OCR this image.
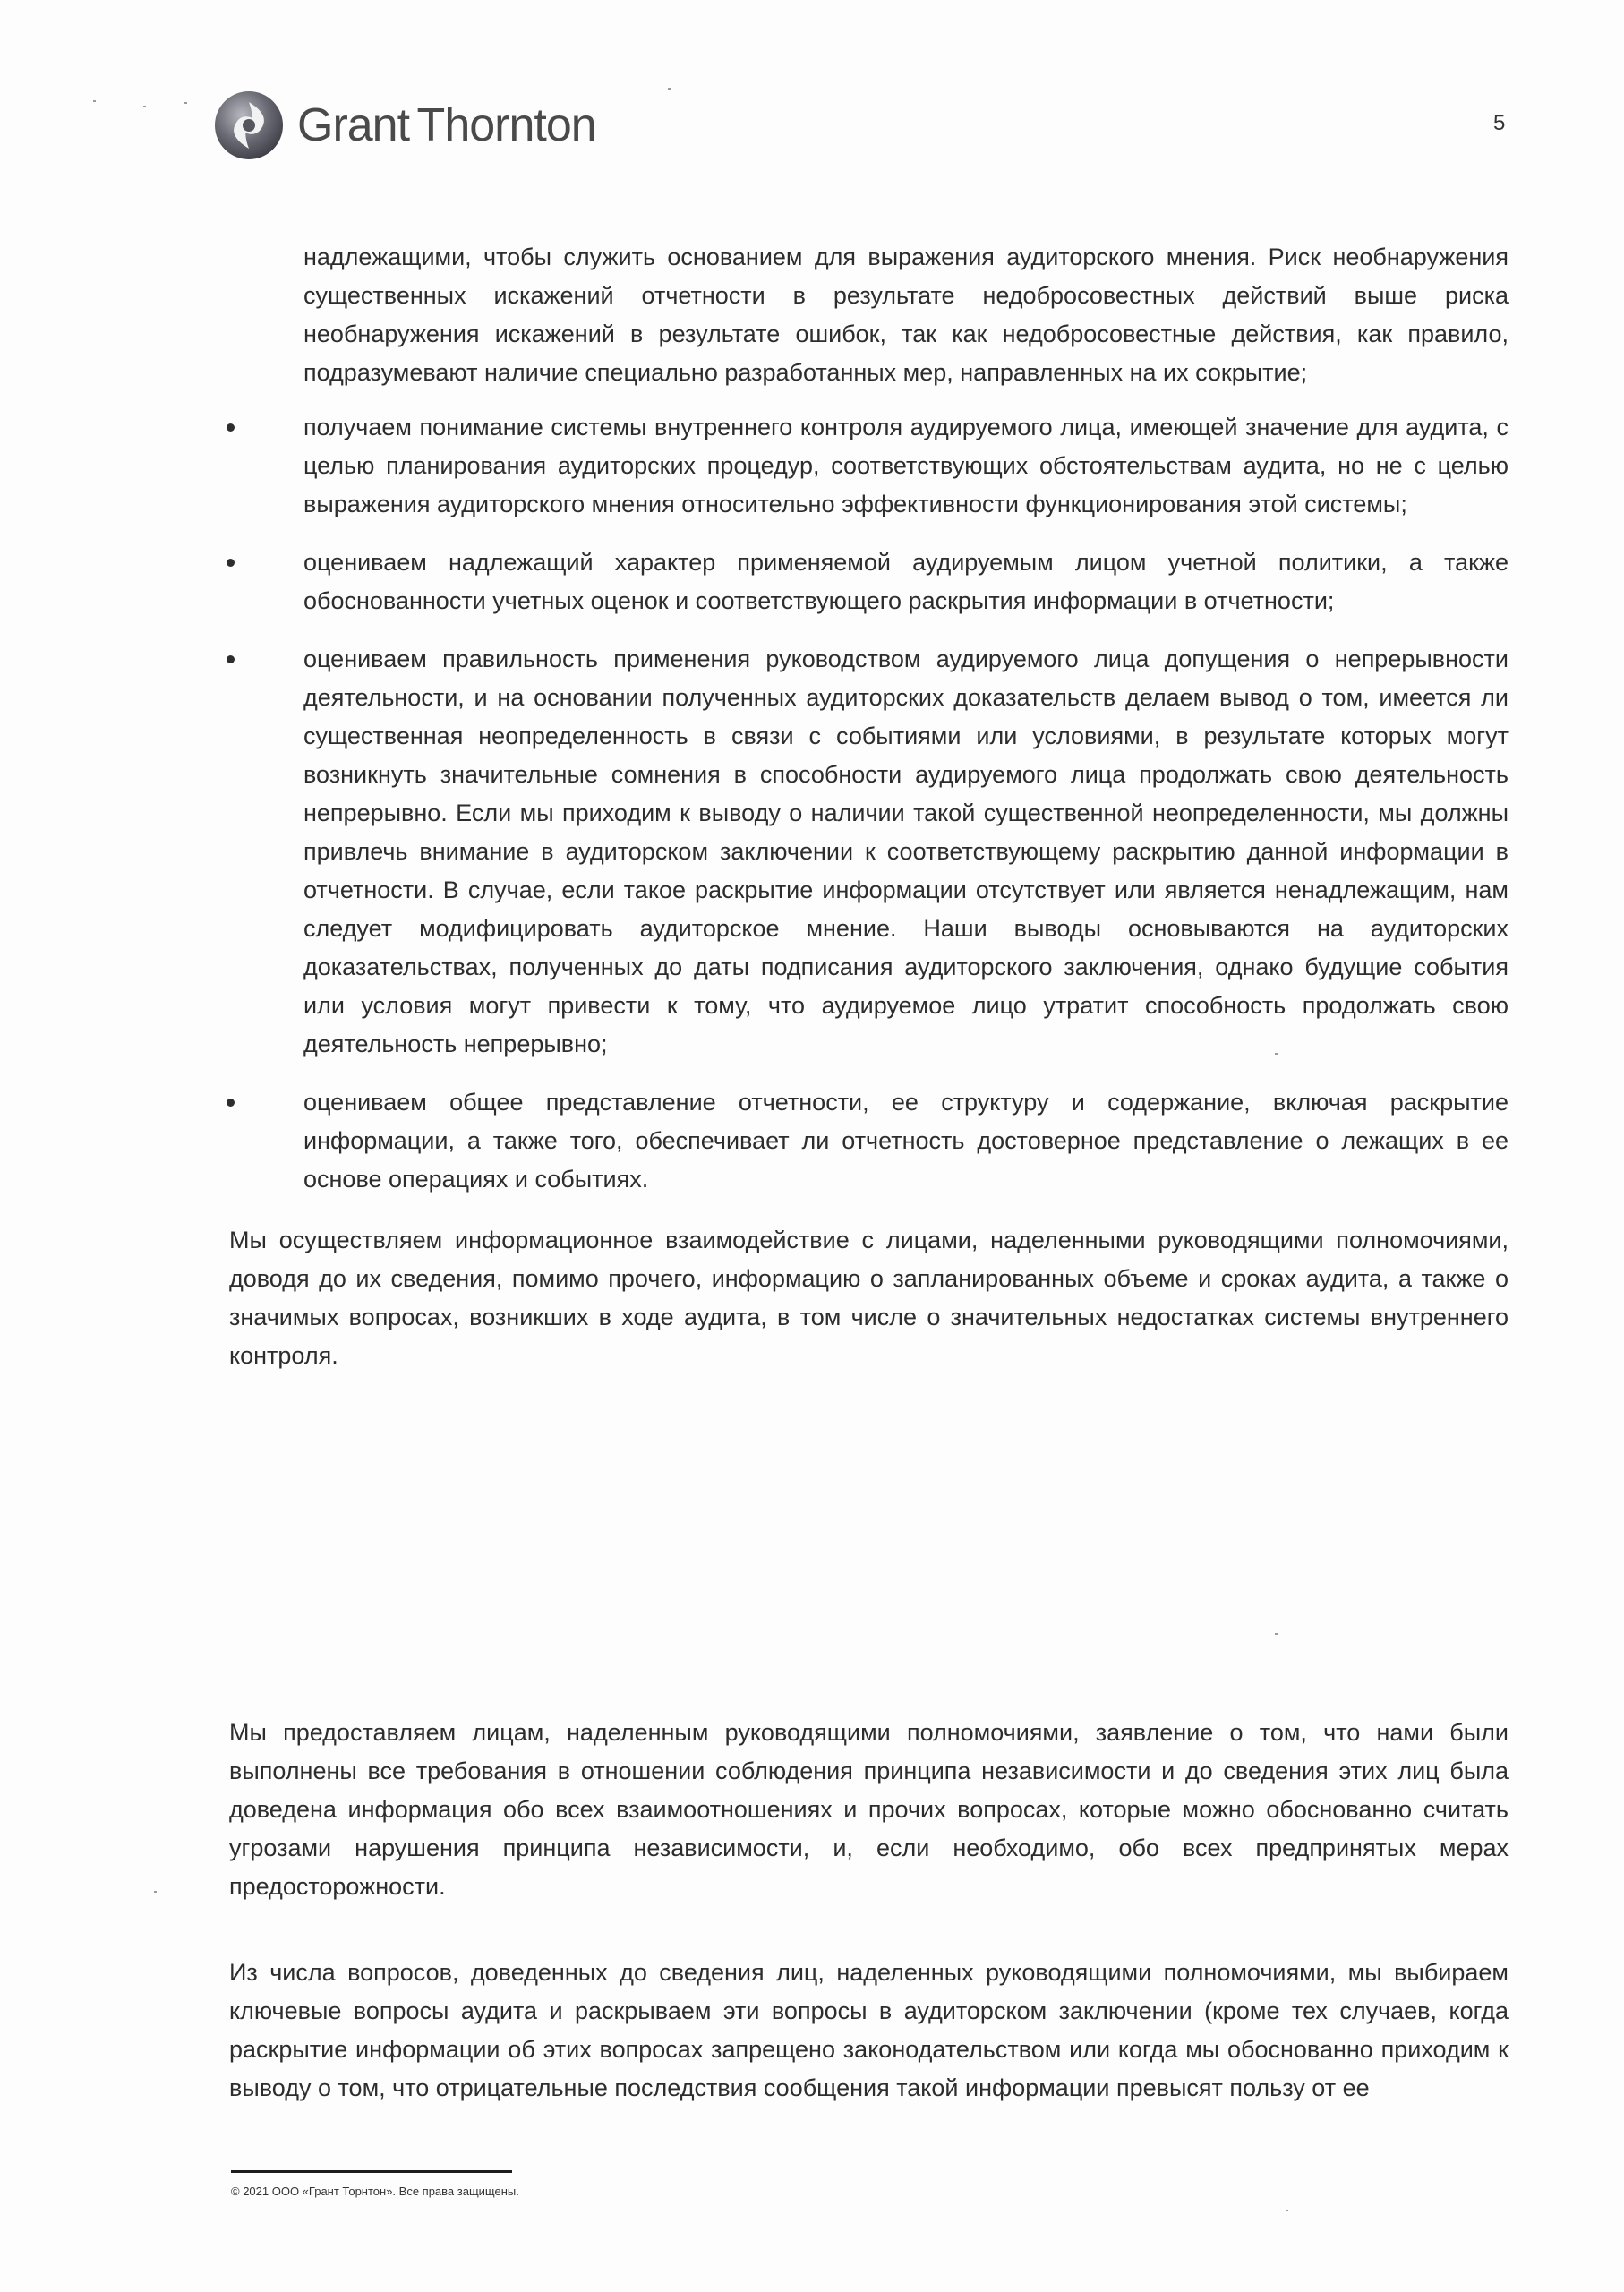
Grant Thornton	5
надлежащими, чтобы служить основанием для выражения аудиторского мнения. Риск необнаружения существенных искажений отчетности в результате недобросовестных действий выше риска необнаружения искажений в результате ошибок, так как недобросовестные действия, как правило, подразумевают наличие специально разработанных мер, направленных на их сокрытие;
получаем понимание системы внутреннего контроля аудируемого лица, имеющей значение для аудита, с целью планирования аудиторских процедур, соответствующих обстоятельствам аудита, но не с целью выражения аудиторского мнения относительно эффективности функционирования этой системы;
оцениваем надлежащий характер применяемой аудируемым лицом учетной политики, а также обоснованности учетных оценок и соответствующего раскрытия информации в отчетности;
оцениваем правильность применения руководством аудируемого лица допущения о непрерывности деятельности, и на основании полученных аудиторских доказательств делаем вывод о том, имеется ли существенная неопределенность в связи с событиями или условиями, в результате которых могут возникнуть значительные сомнения в способности аудируемого лица продолжать свою деятельность непрерывно. Если мы приходим к выводу о наличии такой существенной неопределенности, мы должны привлечь внимание в аудиторском заключении к соответствующему раскрытию данной информации в отчетности. В случае, если такое раскрытие информации отсутствует или является ненадлежащим, нам следует модифицировать аудиторское мнение. Наши выводы основываются на аудиторских доказательствах, полученных до даты подписания аудиторского заключения, однако будущие события или условия могут привести к тому, что аудируемое лицо утратит способность продолжать свою деятельность непрерывно;
оцениваем общее представление отчетности, ее структуру и содержание, включая раскрытие информации, а также того, обеспечивает ли отчетность достоверное представление о лежащих в ее основе операциях и событиях.
Мы осуществляем информационное взаимодействие с лицами, наделенными руководящими полномочиями, доводя до их сведения, помимо прочего, информацию о запланированных объеме и сроках аудита, а также о значимых вопросах, возникших в ходе аудита, в том числе о значительных недостатках системы внутреннего контроля.
Мы предоставляем лицам, наделенным руководящими полномочиями, заявление о том, что нами были выполнены все требования в отношении соблюдения принципа независимости и до сведения этих лиц была доведена информация обо всех взаимоотношениях и прочих вопросах, которые можно обоснованно считать угрозами нарушения принципа независимости, и, если необходимо, обо всех предпринятых мерах предосторожности.
Из числа вопросов, доведенных до сведения лиц, наделенных руководящими полномочиями, мы выбираем ключевые вопросы аудита и раскрываем эти вопросы в аудиторском заключении (кроме тех случаев, когда раскрытие информации об этих вопросах запрещено законодательством или когда мы обоснованно приходим к выводу о том, что отрицательные последствия сообщения такой информации превысят пользу от ее
© 2021 ООО «Грант Торнтон». Все права защищены.
